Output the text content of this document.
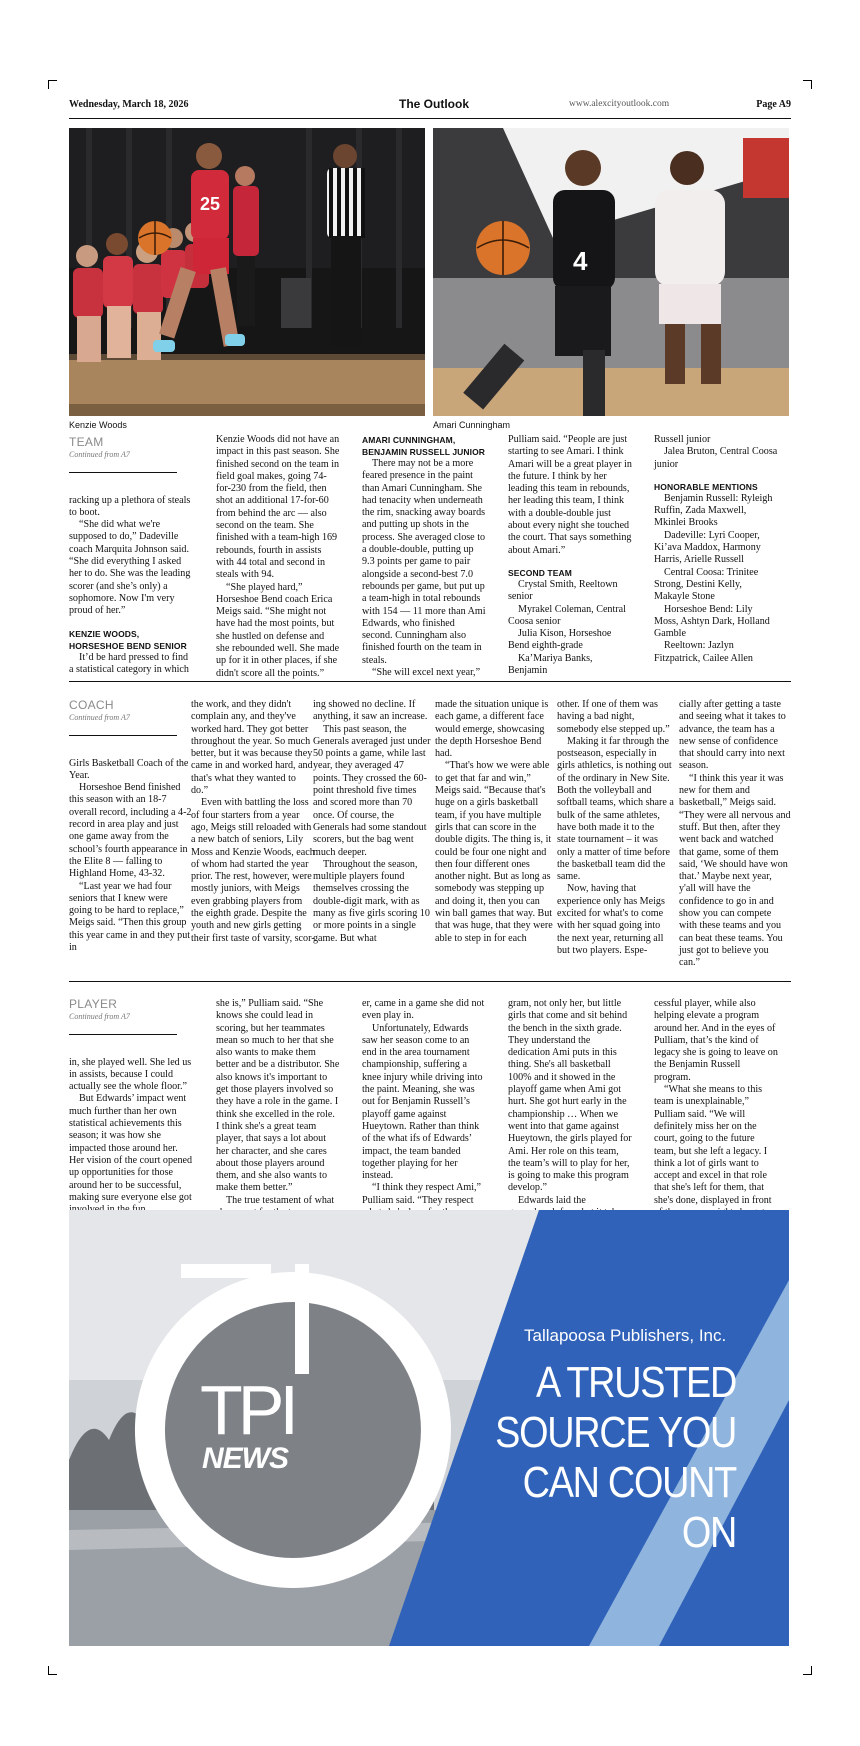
Wednesday, March 18, 2026	The Outlook	www.alexcityoutlook.com	Page A9
25
4
Kenzie Woods	Amari Cunningham
TEAM
Continued from A7

racking up a plethora of steals to boot.

“She did what we're supposed to do,” Dadeville coach Marquita Johnson said. “She did everything I asked her to do. She was the leading scorer (and she’s only) a sophomore. Now I'm very proud of her.”

KENZIE WOODS,
HORSESHOE BEND SENIOR

It’d be hard pressed to find a statistical category in which

Kenzie Woods did not have an impact in this past season. She finished second on the team in field goal makes, going 74-for-230 from the field, then shot an additional 17-for-60 from behind the arc — also second on the team. She finished with a team-high 169 rebounds, fourth in assists with 44 total and second in steals with 94.

“She played hard,” Horseshoe Bend coach Erica Meigs said. “She might not have had the most points, but she hustled on defense and she rebounded well. She made up for it in other places, if she didn't score all the points.”

AMARI CUNNINGHAM,
BENJAMIN RUSSELL JUNIOR

There may not be a more feared presence in the paint than Amari Cunningham. She had tenacity when underneath the rim, snacking away boards and putting up shots in the process. She averaged close to a double-double, putting up 9.3 points per game to pair alongside a second-best 7.0 rebounds per game, but put up a team-high in total rebounds with 154 — 11 more than Ami Edwards, who finished second. Cunningham also finished fourth on the team in steals.

“She will excel next year,”

Pulliam said. “People are just starting to see Amari. I think Amari will be a great player in the future. I think by her leading this team in rebounds, her leading this team, I think with a double-double just about every night she touched the court. That says something about Amari.”

SECOND TEAM

Crystal Smith, Reeltown senior

Myrakel Coleman, Central Coosa senior

Julia Kison, Horseshoe Bend eighth-grade

Ka’Mariya Banks, Benjamin

Russell junior

Jalea Bruton, Central Coosa junior

HONORABLE MENTIONS

Benjamin Russell: Ryleigh Ruffin, Zada Maxwell, Mkinlei Brooks

Dadeville: Lyri Cooper, Ki’ava Maddox, Harmony Harris, Arielle Russell

Central Coosa: Trinitee Strong, Destini Kelly, Makayle Stone

Horseshoe Bend: Lily Moss, Ashtyn Dark, Holland Gamble

Reeltown: Jazlyn Fitzpatrick, Cailee Allen

COACH
Continued from A7

Girls Basketball Coach of the Year.

Horseshoe Bend finished this season with an 18-7 overall record, including a 4-2 record in area play and just one game away from the school’s fourth appearance in the Elite 8 — falling to Highland Home, 43-32.

“Last year we had four seniors that I knew were going to be hard to replace,” Meigs said. “Then this group this year came in and they put in

the work, and they didn't complain any, and they've worked hard. They got better throughout the year. So much better, but it was because they came in and worked hard, and that's what they wanted to do.”

Even with battling the loss of four starters from a year ago, Meigs still reloaded with a new batch of seniors, Lily Moss and Kenzie Woods, each of whom had started the year prior. The rest, however, were mostly juniors, with Meigs even grabbing players from the eighth grade. Despite the youth and new girls getting their first taste of varsity, scor-

ing showed no decline. If anything, it saw an increase.

This past season, the Generals averaged just under 50 points a game, while last year, they averaged 47 points. They crossed the 60-point threshold five times and scored more than 70 once. Of course, the Generals had some standout scorers, but the bag went much deeper.

Throughout the season, multiple players found themselves crossing the double-digit mark, with as many as five girls scoring 10 or more points in a single game. But what

made the situation unique is each game, a different face would emerge, showcasing the depth Horseshoe Bend had.

“That's how we were able to get that far and win,” Meigs said. “Because that's huge on a girls basketball team, if you have multiple girls that can score in the double digits. The thing is, it could be four one night and then four different ones another night. But as long as somebody was stepping up and doing it, then you can win ball games that way. But that was huge, that they were able to step in for each

other. If one of them was having a bad night, somebody else stepped up.”

Making it far through the postseason, especially in girls athletics, is nothing out of the ordinary in New Site. Both the volleyball and softball teams, which share a bulk of the same athletes, have both made it to the state tournament – it was only a matter of time before the basketball team did the same.

Now, having that experience only has Meigs excited for what's to come with her squad going into the next year, returning all but two players. Espe-

cially after getting a taste and seeing what it takes to advance, the team has a new sense of confidence that should carry into next season.

“I think this year it was new for them and basketball,” Meigs said. “They were all nervous and stuff. But then, after they went back and watched that game, some of them said, ‘We should have won that.’ Maybe next year, y'all will have the confidence to go in and show you can compete with these teams and you can beat these teams. You just got to believe you can.”

PLAYER
Continued from A7

in, she played well. She led us in assists, because I could actually see the whole floor.”

But Edwards’ impact went much further than her own statistical achievements this season; it was how she impacted those around her. Her vision of the court opened up opportunities for those around her to be successful, making sure everyone else got

she is,” Pulliam said. “She knows she could lead in scoring, but her teammates mean so much to her that she also wants to make them better and be a distributor. She also knows it's important to get those players involved so they have a role in the game. I think she excelled in the role. I think she's a great team player, that says a lot about her character, and she cares about those players around them, and she also wants to make them better.”

The true testament of what

er, came in a game she did not even play in.

Unfortunately, Edwards saw her season come to an end in the area tournament championship, suffering a knee injury while driving into the paint. Meaning, she was out for Benjamin Russell’s playoff game against Hueytown. Rather than think of the what ifs of Edwards’ impact, the team banded together playing for her instead.

“I think they respect Ami,” Pulliam said. “They respect

gram, not only her, but little girls that come and sit behind the bench in the sixth grade. They understand the dedication Ami puts in this thing. She's all basketball 100% and it showed in the playoff game when Ami got hurt. She got hurt early in the championship … When we went into that game against Hueytown, the girls played for Ami. Her role on this team, the team’s will to play for her, is going to make this program develop.”

Edwards laid the

cessful player, while also helping elevate a program around her. And in the eyes of Pulliam, that’s the kind of legacy she is going to leave on the Benjamin Russell program.

“What she means to this team is unexplainable,” Pulliam said. “We will definitely miss her on the court, going to the future team, but she left a legacy. I think a lot of girls want to accept and excel in that role that she's left for them, that she's done, displayed in front

TPI
NEWS
Tallapoosa Publishers, Inc.
A TRUSTED
SOURCE YOU
CAN COUNT ON
